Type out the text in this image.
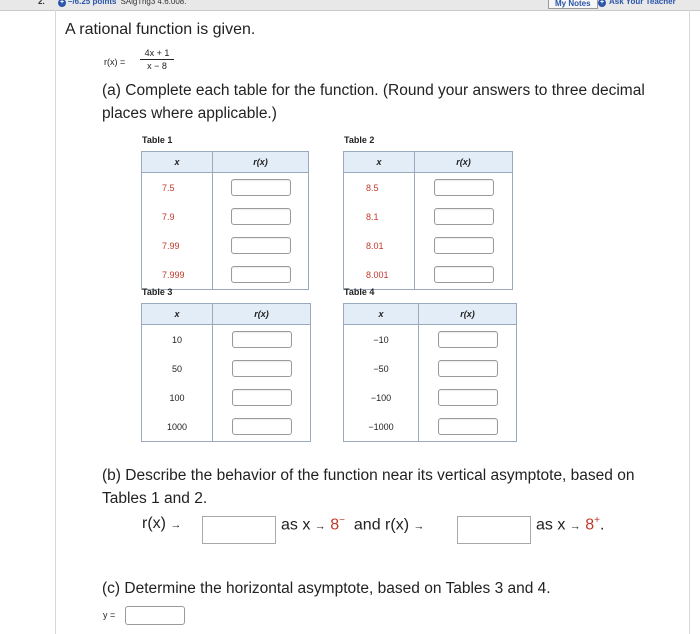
2. + –/6.25 points SAlgTrig3 4.6.008.	My Notes	+ Ask Your Teacher
A rational function is given.
$r(x) = \frac{4x + 1}{x - 8}$
(a) Complete each table for the function. (Round your answers to three decimal places where applicable.)
Table 1
x	r(x)
7.5	
7.9	
7.99	
7.999	
Table 2
x	r(x)
8.5	
8.1	
8.01	
8.001	
Table 3
x	r(x)
10	
50	
100	
1000	
Table 4
x	r(x)
−10	
−50	
−100	
−1000	
(b) Describe the behavior of the function near its vertical asymptote, based on Tables 1 and 2.
r(x) →	as x → 8− and r(x) →	as x → 8+.
(c) Determine the horizontal asymptote, based on Tables 3 and 4.
y =
